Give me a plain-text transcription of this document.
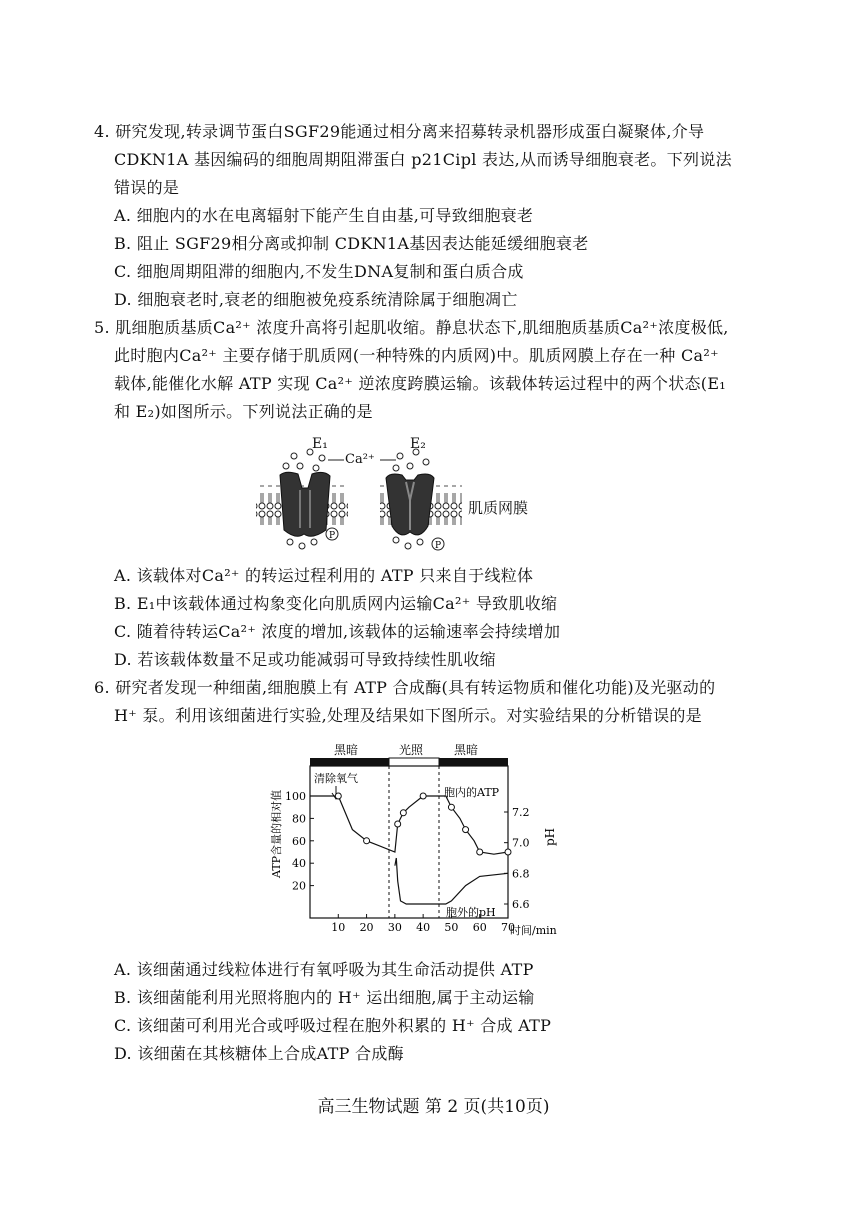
4. 研究发现,转录调节蛋白SGF29能通过相分离来招募转录机器形成蛋白凝聚体,介导
CDKN1A 基因编码的细胞周期阻滞蛋白 p21Cipl 表达,从而诱导细胞衰老。下列说法
错误的是
A. 细胞内的水在电离辐射下能产生自由基,可导致细胞衰老
B. 阻止 SGF29相分离或抑制 CDKN1A基因表达能延缓细胞衰老
C. 细胞周期阻滞的细胞内,不发生DNA复制和蛋白质合成
D. 细胞衰老时,衰老的细胞被免疫系统清除属于细胞凋亡
5. 肌细胞质基质Ca²⁺ 浓度升高将引起肌收缩。静息状态下,肌细胞质基质Ca²⁺浓度极低,
此时胞内Ca²⁺ 主要存储于肌质网(一种特殊的内质网)中。肌质网膜上存在一种 Ca²⁺
载体,能催化水解 ATP 实现 Ca²⁺ 逆浓度跨膜运输。该载体转运过程中的两个状态(E₁
和 E₂)如图所示。下列说法正确的是
P
P
E₁	E₂
Ca²⁺
肌质网膜
A. 该载体对Ca²⁺ 的转运过程利用的 ATP 只来自于线粒体
B. E₁中该载体通过构象变化向肌质网内运输Ca²⁺ 导致肌收缩
C. 随着待转运Ca²⁺ 浓度的增加,该载体的运输速率会持续增加
D. 若该载体数量不足或功能减弱可导致持续性肌收缩
6. 研究者发现一种细菌,细胞膜上有 ATP 合成酶(具有转运物质和催化功能)及光驱动的
H⁺ 泵。利用该细菌进行实验,处理及结果如下图所示。对实验结果的分析错误的是
黑暗	光照	黑暗
ATP含量的相对值	pH
时间/min
清除氧气
胞内的ATP
胞外的pH
10 20 30 40 50 60 70
100
80
60
40
20
7.2
7.0
6.8
6.6
A. 该细菌通过线粒体进行有氧呼吸为其生命活动提供 ATP
B. 该细菌能利用光照将胞内的 H⁺ 运出细胞,属于主动运输
C. 该细菌可利用光合或呼吸过程在胞外积累的 H⁺ 合成 ATP
D. 该细菌在其核糖体上合成ATP 合成酶
高三生物试题 第 2 页(共10页)
